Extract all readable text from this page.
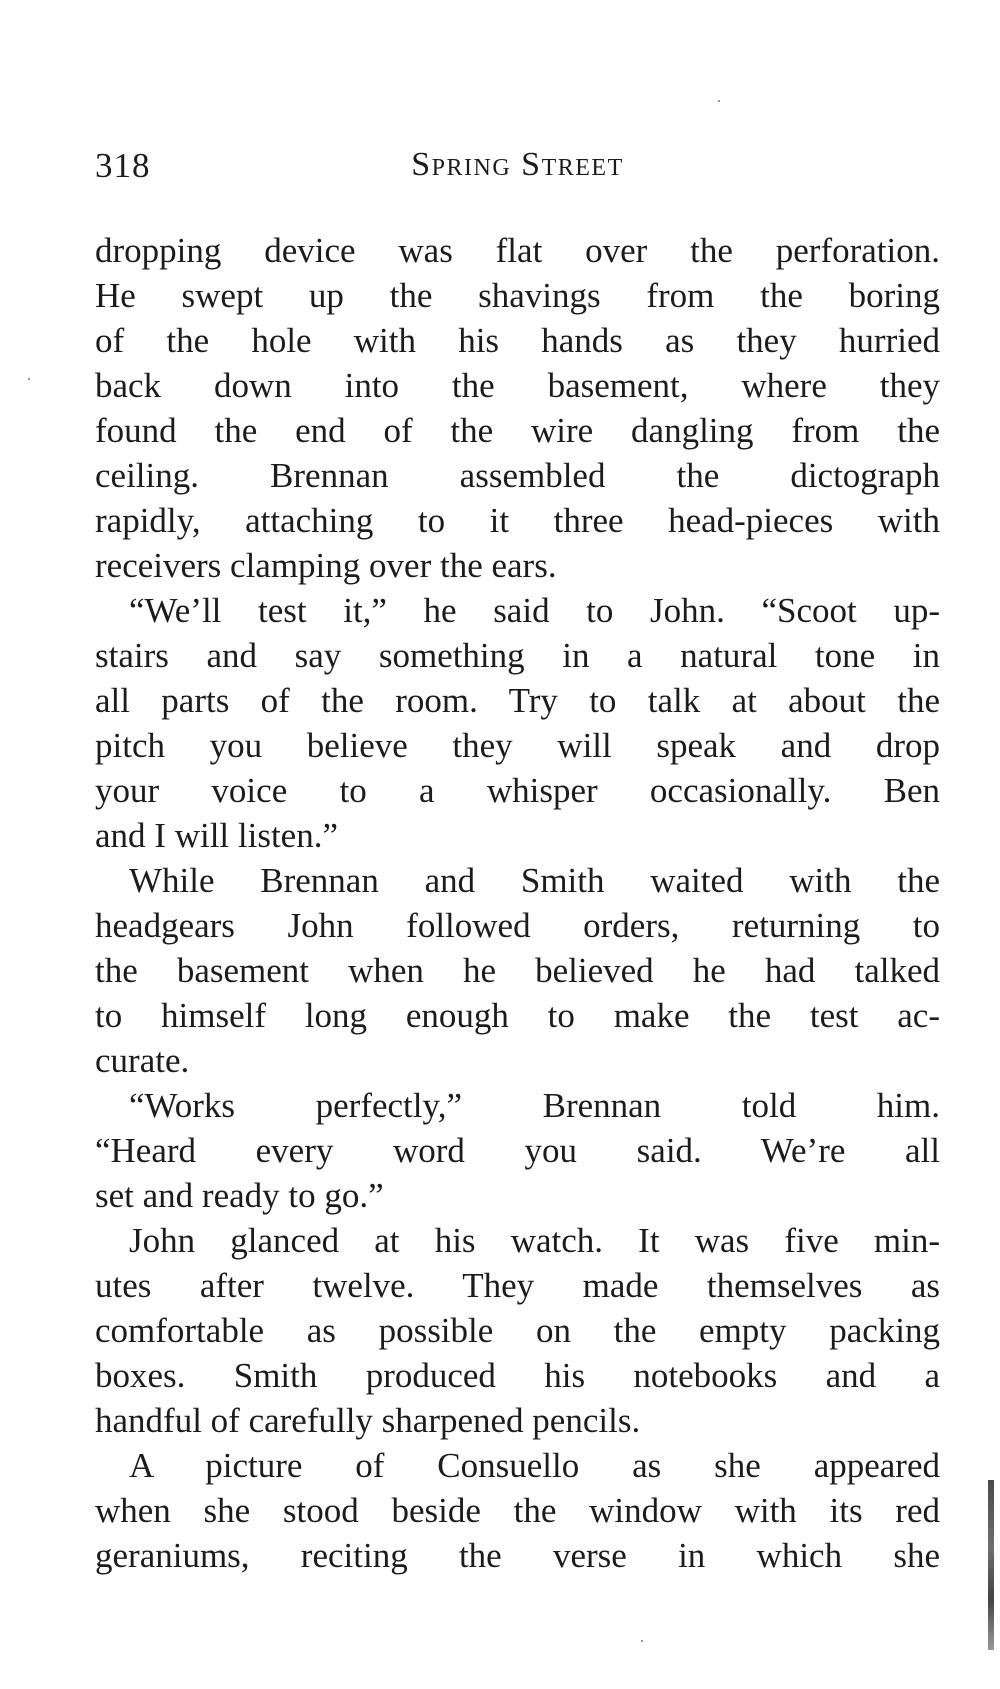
318	Spring Street
dropping device was flat over the perforation.
He swept up the shavings from the boring
of the hole with his hands as they hurried
back down into the basement, where they
found the end of the wire dangling from the
ceiling. Brennan assembled the dictograph
rapidly, attaching to it three head-pieces with
receivers clamping over the ears.
“We’ll test it,” he said to John. “Scoot up-
stairs and say something in a natural tone in
all parts of the room. Try to talk at about the
pitch you believe they will speak and drop
your voice to a whisper occasionally. Ben
and I will listen.”
While Brennan and Smith waited with the
headgears John followed orders, returning to
the basement when he believed he had talked
to himself long enough to make the test ac-
curate.
“Works perfectly,” Brennan told him.
“Heard every word you said. We’re all
set and ready to go.”
John glanced at his watch. It was five min-
utes after twelve. They made themselves as
comfortable as possible on the empty packing
boxes. Smith produced his notebooks and a
handful of carefully sharpened pencils.
A picture of Consuello as she appeared
when she stood beside the window with its red
geraniums, reciting the verse in which she
